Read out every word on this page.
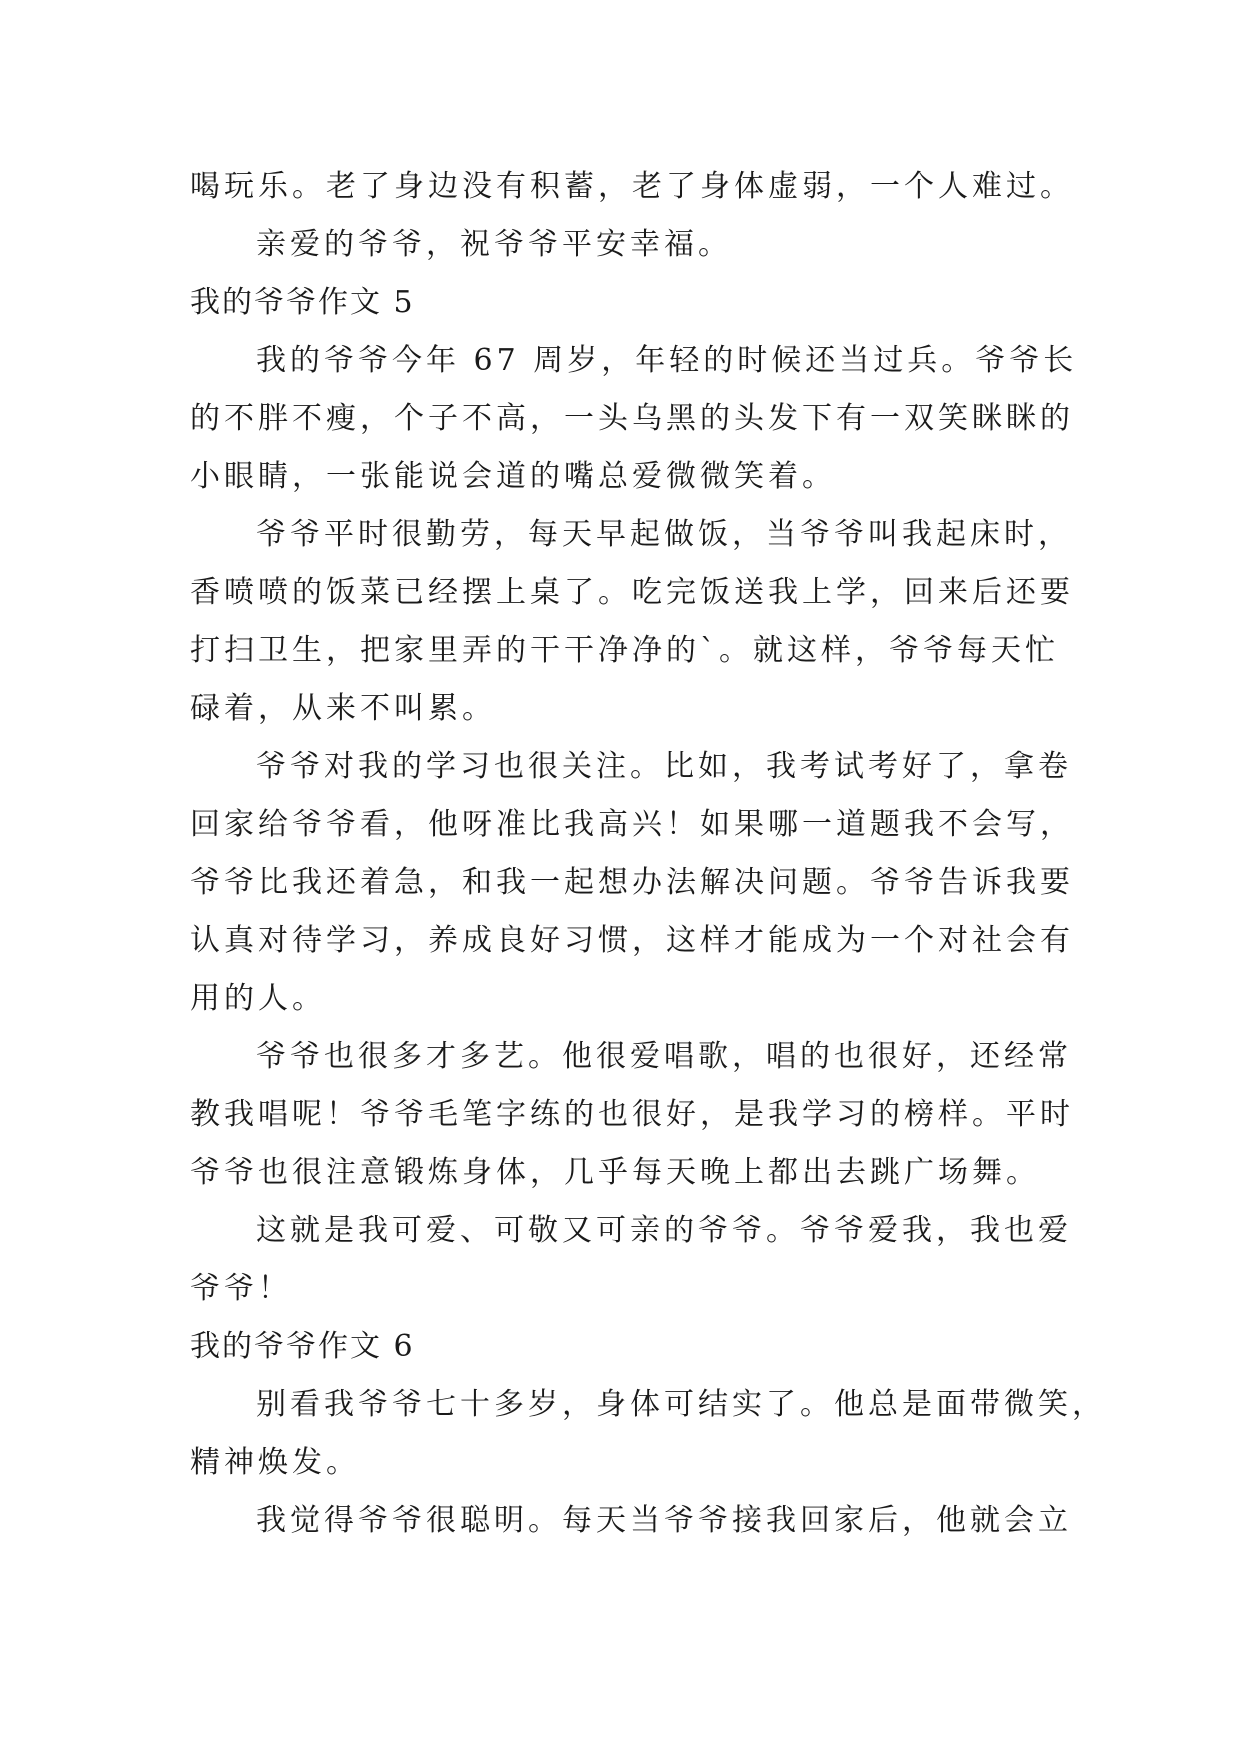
喝玩乐。老了身边没有积蓄，老了身体虚弱，一个人难过。
亲爱的爷爷，祝爷爷平安幸福。
我的爷爷作文 5
我的爷爷今年 67 周岁，年轻的时候还当过兵。爷爷长
的不胖不瘦，个子不高，一头乌黑的头发下有一双笑眯眯的
小眼睛，一张能说会道的嘴总爱微微笑着。
爷爷平时很勤劳，每天早起做饭，当爷爷叫我起床时，
香喷喷的饭菜已经摆上桌了。吃完饭送我上学，回来后还要
打扫卫生，把家里弄的干干净净的`。就这样，爷爷每天忙
碌着，从来不叫累。
爷爷对我的学习也很关注。比如，我考试考好了，拿卷
回家给爷爷看，他呀准比我高兴！如果哪一道题我不会写，
爷爷比我还着急，和我一起想办法解决问题。爷爷告诉我要
认真对待学习，养成良好习惯，这样才能成为一个对社会有
用的人。
爷爷也很多才多艺。他很爱唱歌，唱的也很好，还经常
教我唱呢！爷爷毛笔字练的也很好，是我学习的榜样。平时
爷爷也很注意锻炼身体，几乎每天晚上都出去跳广场舞。
这就是我可爱、可敬又可亲的爷爷。爷爷爱我，我也爱
爷爷！
我的爷爷作文 6
别看我爷爷七十多岁，身体可结实了。他总是面带微笑，
精神焕发。
我觉得爷爷很聪明。每天当爷爷接我回家后，他就会立
